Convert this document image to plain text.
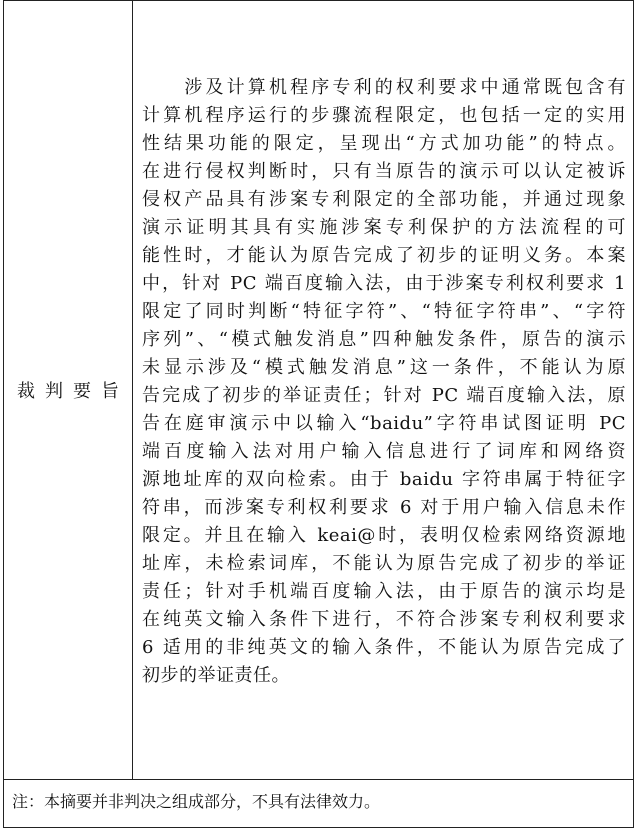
裁判要旨
　　涉及计算机程序专利的权利要求中通常既包含有
计算机程序运行的步骤流程限定，也包括一定的实用
性结果功能的限定，呈现出“方式加功能”的特点。
在进行侵权判断时，只有当原告的演示可以认定被诉
侵权产品具有涉案专利限定的全部功能，并通过现象
演示证明其具有实施涉案专利保护的方法流程的可
能性时，才能认为原告完成了初步的证明义务。本案
中，针对 PC 端百度输入法，由于涉案专利权利要求 1
限定了同时判断“特征字符”、“特征字符串”、“字符
序列”、“模式触发消息”四种触发条件，原告的演示
未显示涉及“模式触发消息”这一条件，不能认为原
告完成了初步的举证责任；针对 PC 端百度输入法，原
告在庭审演示中以输入“baidu”字符串试图证明 PC
端百度输入法对用户输入信息进行了词库和网络资
源地址库的双向检索。由于 baidu 字符串属于特征字
符串，而涉案专利权利要求 6 对于用户输入信息未作
限定。并且在输入 keai@时，表明仅检索网络资源地
址库，未检索词库，不能认为原告完成了初步的举证
责任；针对手机端百度输入法，由于原告的演示均是
在纯英文输入条件下进行，不符合涉案专利权利要求
6 适用的非纯英文的输入条件，不能认为原告完成了
初步的举证责任。
注：本摘要并非判决之组成部分，不具有法律效力。
